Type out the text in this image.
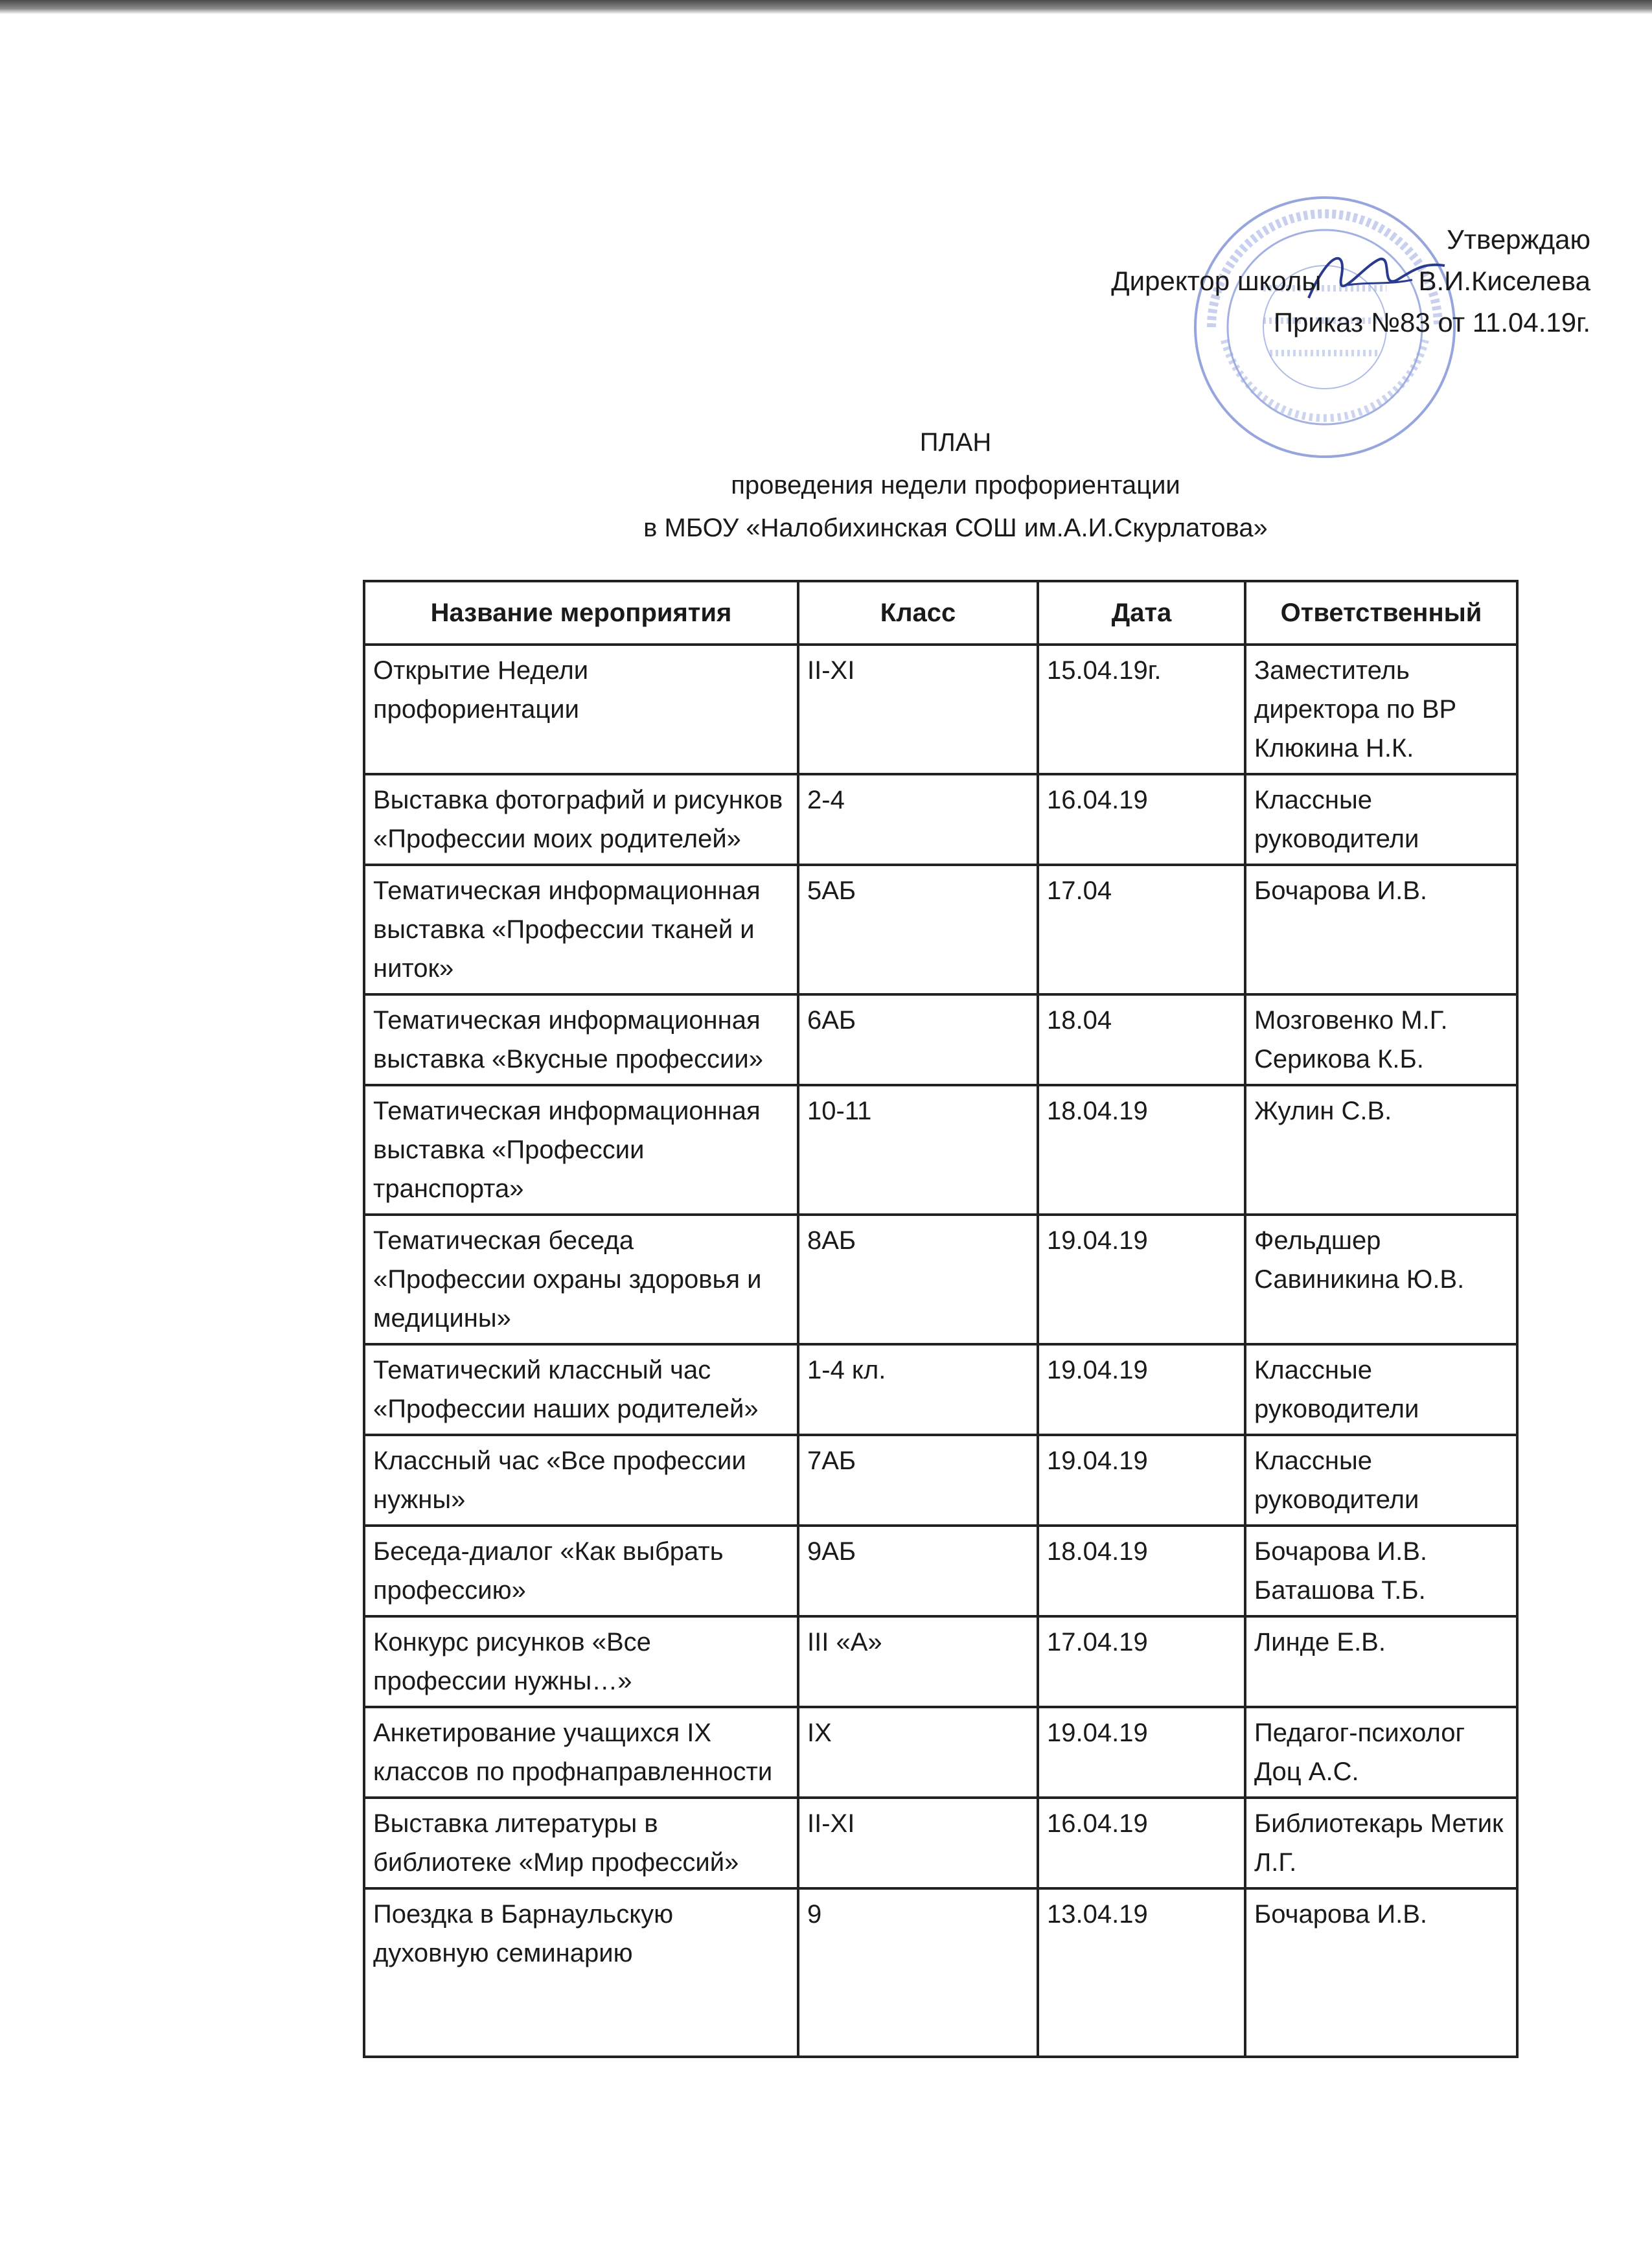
Утверждаю
Директор школы	В.И.Киселева
Приказ №83 от 11.04.19г.
ПЛАН
проведения недели профориентации
в МБОУ «Налобихинская СОШ им.А.И.Скурлатова»
Название мероприятия	Класс	Дата	Ответственный
Открытие Недели профориентации	II-XI	15.04.19г.	Заместитель директора по ВР Клюкина Н.К.
Выставка фотографий и рисунков «Профессии моих родителей»	2-4	16.04.19	Классные руководители
Тематическая информационная выставка «Профессии тканей и ниток»	5АБ	17.04	Бочарова И.В.
Тематическая информационная выставка «Вкусные профессии»	6АБ	18.04	Мозговенко М.Г. Серикова К.Б.
Тематическая информационная выставка «Профессии транспорта»	10-11	18.04.19	Жулин С.В.
Тематическая беседа «Профессии охраны здоровья и медицины»	8АБ	19.04.19	Фельдшер Савиникина Ю.В.
Тематический классный час «Профессии наших родителей»	1-4 кл.	19.04.19	Классные руководители
Классный час «Все профессии нужны»	7АБ	19.04.19	Классные руководители
Беседа-диалог «Как выбрать профессию»	9АБ	18.04.19	Бочарова И.В. Баташова Т.Б.
Конкурс рисунков «Все профессии нужны…»	III «А»	17.04.19	Линде Е.В.
Анкетирование учащихся IX классов по профнаправленности	IX	19.04.19	Педагог-психолог Доц А.С.
Выставка литературы в библиотеке «Мир профессий»	II-XI	16.04.19	Библиотекарь Метик Л.Г.
Поездка в Барнаульскую духовную семинарию	9	13.04.19	Бочарова И.В.
